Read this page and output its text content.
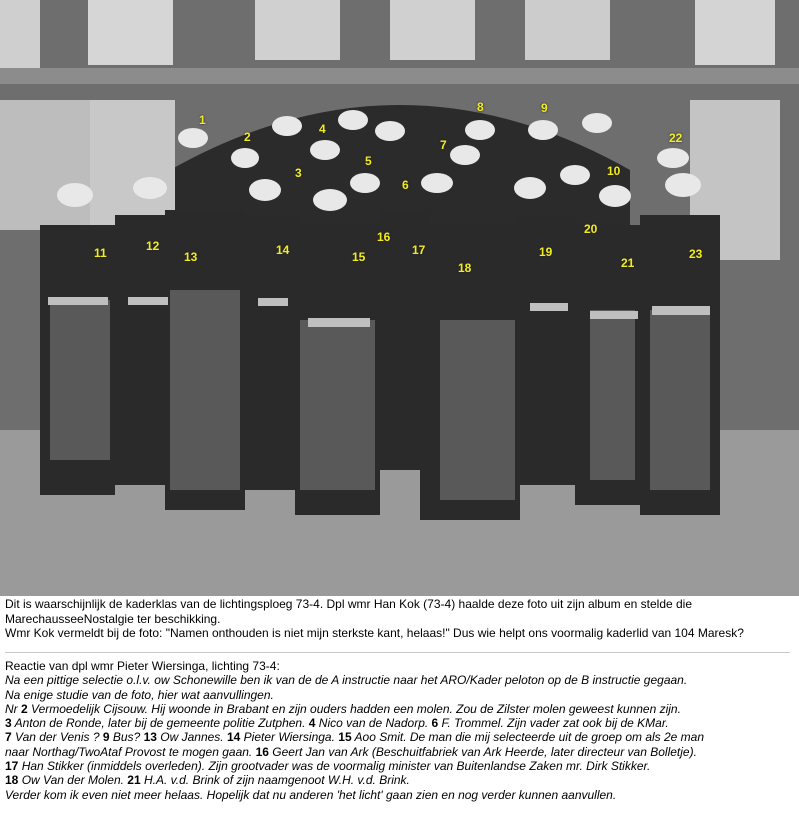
1
2
3
4
5
6
7
8	9
10
11	12
13	14	15
16
17
18
19
20
21
22
23

Dit is waarschijnlijk de kaderklas van de lichtingsploeg 73-4. Dpl wmr Han Kok (73-4) haalde deze foto uit zijn album en stelde die

MarechausseeNostalgie ter beschikking.

Wmr Kok vermeldt bij de foto: "Namen onthouden is niet mijn sterkste kant, helaas!" Dus wie helpt ons voormalig kaderlid van 104 Maresk?

Reactie van dpl wmr Pieter Wiersinga, lichting 73-4:

Na een pittige selectie o.l.v. ow Schonewille ben ik van de de A instructie naar het ARO/Kader peloton op de B instructie gegaan.

Na enige studie van de foto, hier wat aanvullingen.

Nr 2 Vermoedelijk Cijsouw. Hij woonde in Brabant en zijn ouders hadden een molen. Zou de Zilster molen geweest kunnen zijn.

3 Anton de Ronde, later bij de gemeente politie Zutphen. 4 Nico van de Nadorp. 6 F. Trommel. Zijn vader zat ook bij de KMar.

7 Van der Venis ? 9 Bus? 13 Ow Jannes. 14 Pieter Wiersinga. 15 Aoo Smit. De man die mij selecteerde uit de groep om als 2e man

naar Northag/TwoAtaf Provost te mogen gaan. 16 Geert Jan van Ark (Beschuitfabriek van Ark Heerde, later directeur van Bolletje).

17 Han Stikker (inmiddels overleden). Zijn grootvader was de voormalig minister van Buitenlandse Zaken mr. Dirk Stikker.

18 Ow Van der Molen. 21 H.A. v.d. Brink of zijn naamgenoot W.H. v.d. Brink.

Verder kom ik even niet meer helaas. Hopelijk dat nu anderen 'het licht' gaan zien en nog verder kunnen aanvullen.
